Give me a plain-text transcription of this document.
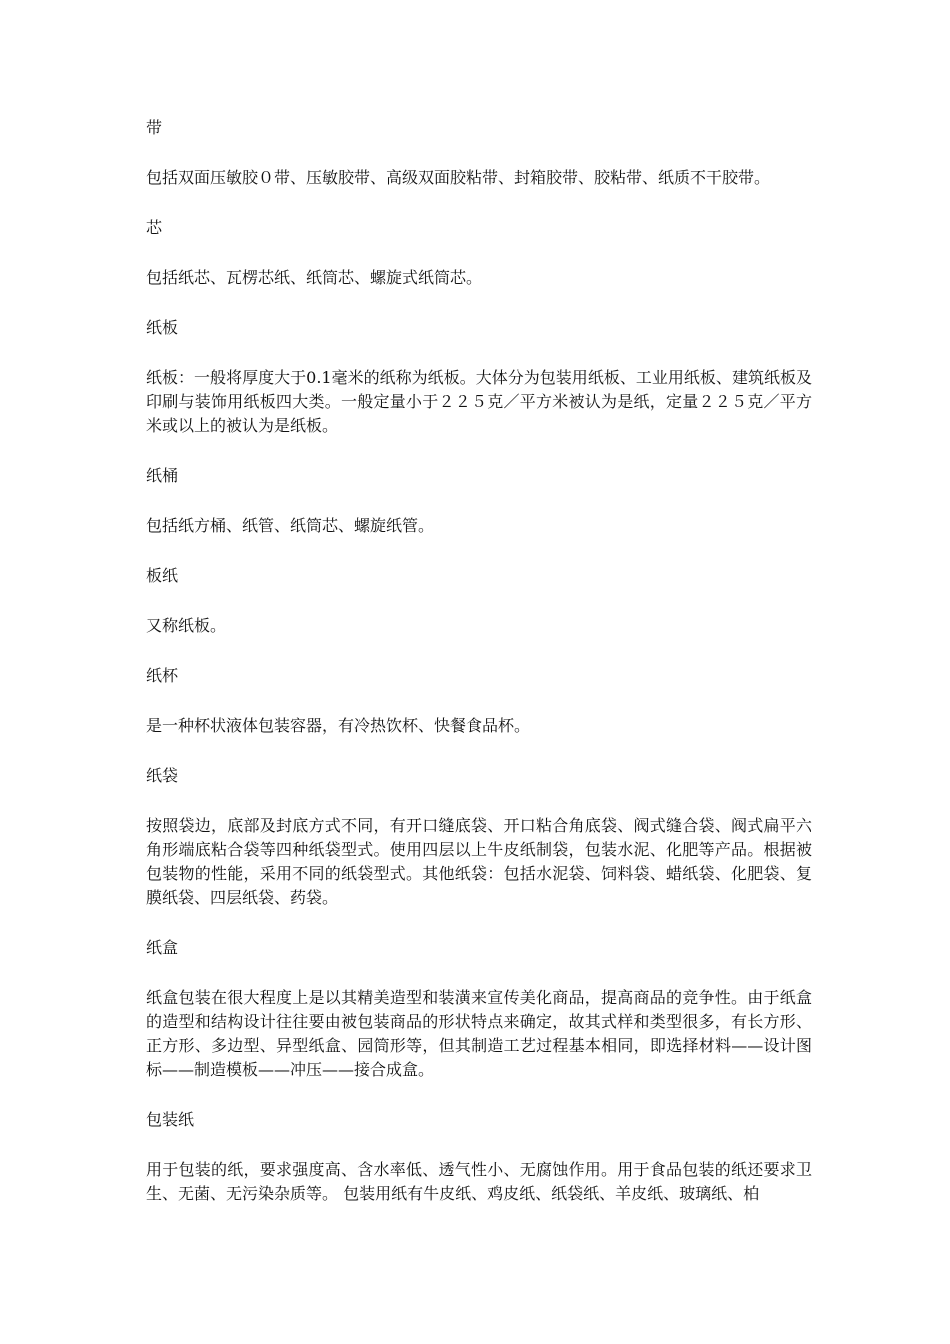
带

包括双面压敏胶０带、压敏胶带、高级双面胶粘带、封箱胶带、胶粘带、纸质不干胶带。

芯

包括纸芯、瓦楞芯纸、纸筒芯、螺旋式纸筒芯。

纸板

纸板：一般将厚度大于0.1毫米的纸称为纸板。大体分为包装用纸板、工业用纸板、建筑纸板及印刷与装饰用纸板四大类。一般定量小于２２５克／平方米被认为是纸，定量２２５克／平方米或以上的被认为是纸板。

纸桶

包括纸方桶、纸管、纸筒芯、螺旋纸管。

板纸

又称纸板。

纸杯

是一种杯状液体包装容器，有冷热饮杯、快餐食品杯。

纸袋

按照袋边，底部及封底方式不同，有开口缝底袋、开口粘合角底袋、阀式缝合袋、阀式扁平六角形端底粘合袋等四种纸袋型式。使用四层以上牛皮纸制袋，包装水泥、化肥等产品。根据被包装物的性能，采用不同的纸袋型式。其他纸袋：包括水泥袋、饲料袋、蜡纸袋、化肥袋、复膜纸袋、四层纸袋、药袋。

纸盒

纸盒包装在很大程度上是以其精美造型和装潢来宣传美化商品，提高商品的竞争性。由于纸盒的造型和结构设计往往要由被包装商品的形状特点来确定，故其式样和类型很多，有长方形、正方形、多边型、异型纸盒、园筒形等，但其制造工艺过程基本相同，即选择材料——设计图标——制造模板——冲压——接合成盒。

包装纸

用于包装的纸，要求强度高、含水率低、透气性小、无腐蚀作用。用于食品包装的纸还要求卫生、无菌、无污染杂质等。 包装用纸有牛皮纸、鸡皮纸、纸袋纸、羊皮纸、玻璃纸、柏
